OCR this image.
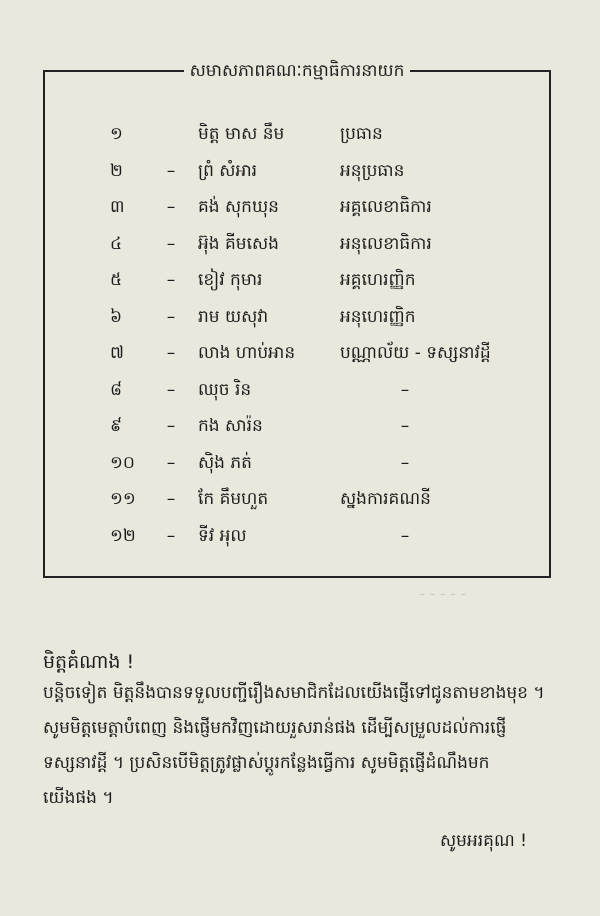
សមាសភាពគណៈកម្មាធិការនាយក
១	មិត្ត មាស នឹម	ប្រធាន
២	– ព្រំ សំអារ	អនុប្រធាន
៣	– គង់ សុកឃុន	អគ្គលេខាធិការ
៤	– អ៊ុង គីមសេង	អនុលេខាធិការ
៥	– ខៀវ កុមារ	អគ្គហេរញ្ញិក
៦	– រាម យសុវា	អនុហេរញ្ញិក
៧	– លាង ហាប់អាន	បណ្ណាល័យ - ទស្សនាវដ្ដី
៨	– ឈុច រិន	–
៩	– កង សារ៉ន	–
១០	– ស៊ិង ភត់	–
១១	– កែ គឹមហួត	ស្នងការគណនី
១២	– ទីវ អុល	–
– – – – –
មិត្តគំណាង !
បន្ដិចទៀត មិត្តនឹងបានទទួលបញ្ជីរឿងសមាជិកដែលយើងផ្ញើទៅជូនតាមខាងមុខ ។
សូមមិត្តមេត្តាបំពេញ និងផ្ញើមកវិញដោយរួសរាន់ផង ដើម្បីសម្រួលដល់ការផ្ញើ
ទស្សនាវដ្ដី ។ ប្រសិនបើមិត្តត្រូវផ្លាស់ប្ដូរកន្លែងធ្វើការ សូមមិត្តផ្ញើដំណឹងមក
យើងផង ។
សូមអរគុណ !
